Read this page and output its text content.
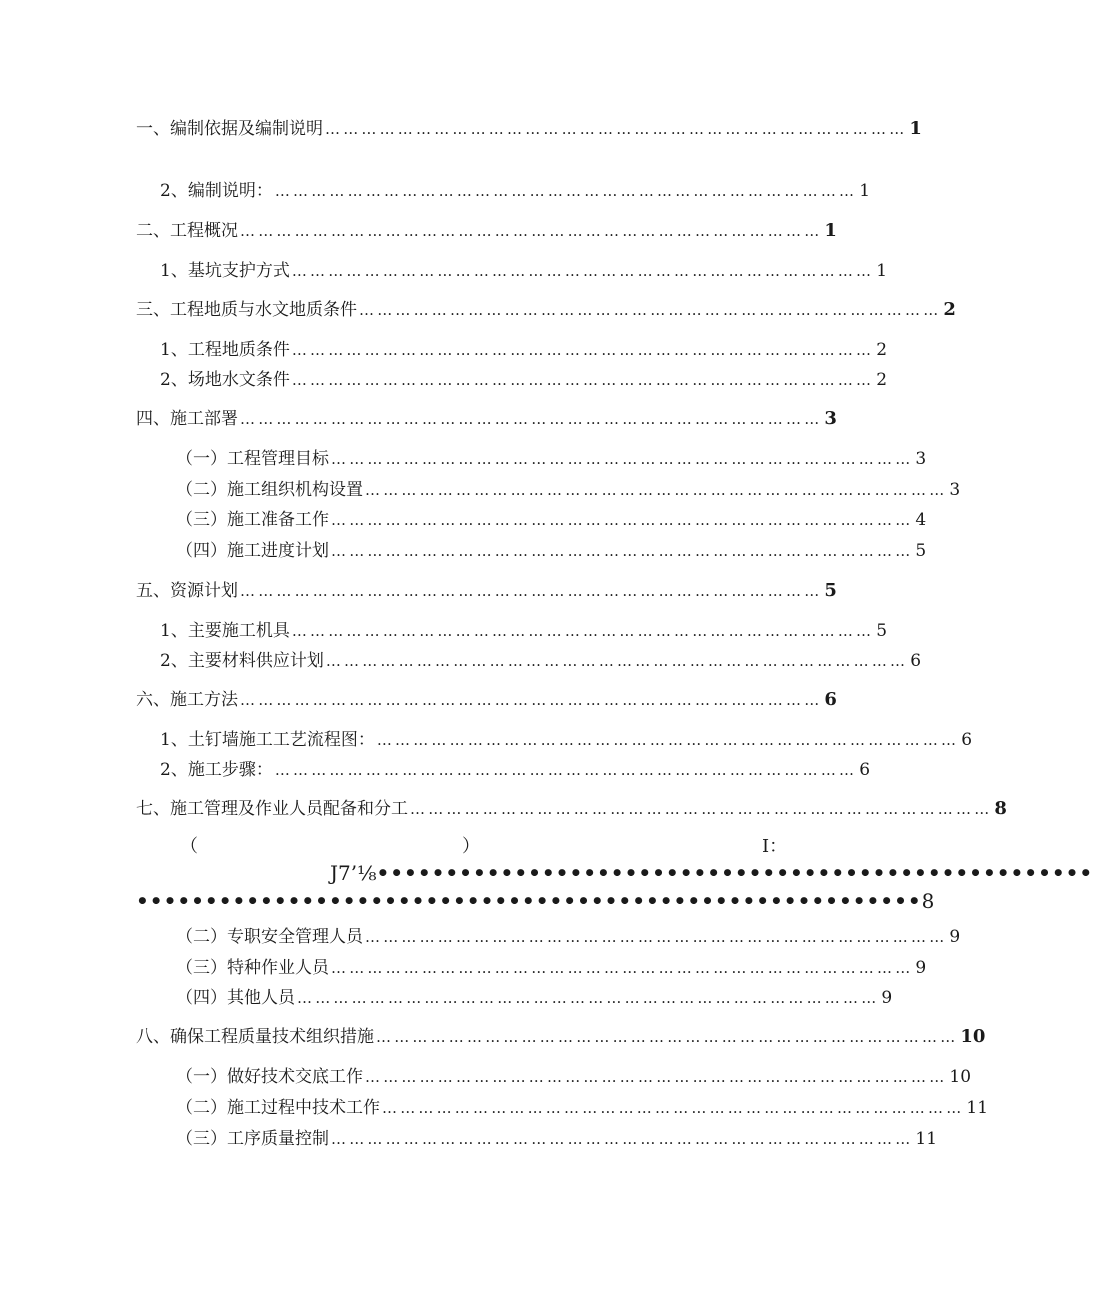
一、编制依据及编制说明 …………………………………………………………………………………… 1
2、编制说明： …………………………………………………………………………………… 1
二、工程概况 …………………………………………………………………………………… 1
1、基坑支护方式 …………………………………………………………………………………… 1
三、工程地质与水文地质条件 …………………………………………………………………………………… 2
1、工程地质条件 …………………………………………………………………………………… 2
2、场地水文条件 …………………………………………………………………………………… 2
四、施工部署 …………………………………………………………………………………… 3
（一）工程管理目标 …………………………………………………………………………………… 3
（二）施工组织机构设置 …………………………………………………………………………………… 3
（三）施工准备工作 …………………………………………………………………………………… 4
（四）施工进度计划 …………………………………………………………………………………… 5
五、资源计划 …………………………………………………………………………………… 5
1、主要施工机具 …………………………………………………………………………………… 5
2、主要材料供应计划 …………………………………………………………………………………… 6
六、施工方法 …………………………………………………………………………………… 6
1、土钉墙施工工艺流程图： …………………………………………………………………………………… 6
2、施工步骤： …………………………………………………………………………………… 6
七、施工管理及作业人员配备和分工 …………………………………………………………………………………… 8
（	）	I：
J7’⅛ ••••••••••••••••••••••••••••••••••••••••••••••••••••
••••••••••••••••••••••••••••••••••••••••••••••••••••••••• 8
（二）专职安全管理人员 …………………………………………………………………………………… 9
（三）特种作业人员 …………………………………………………………………………………… 9
（四）其他人员 …………………………………………………………………………………… 9
八、确保工程质量技术组织措施 …………………………………………………………………………………… 10
（一）做好技术交底工作 …………………………………………………………………………………… 10
（二）施工过程中技术工作 …………………………………………………………………………………… 11
（三）工序质量控制 …………………………………………………………………………………… 11
